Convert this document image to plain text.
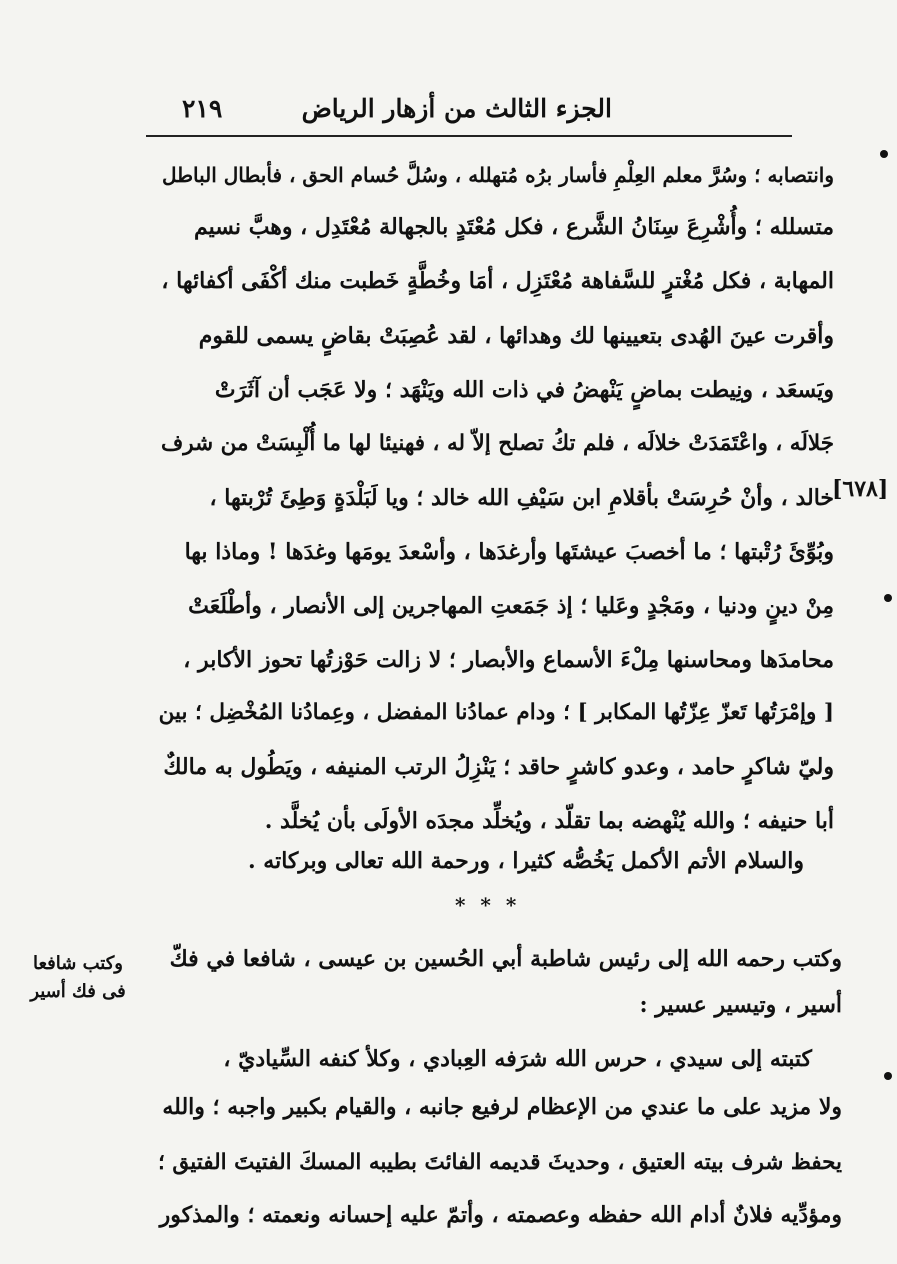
الجزء الثالث من أزهار الرياض
٢١٩
وانتصابه ؛ وسُرَّ معلم العِلْمِ فأسار برُه مُتهلله ، وسُلَّ حُسام الحق ، فأبطال الباطل
متسلله ؛ وأُشْرِعَ سِنَانُ الشَّرع ، فكل مُعْتَدٍ بالجهالة مُعْتَدِل ، وهبَّ نسيم
المهابة ، فكل مُغْترٍ للسَّفاهة مُعْتَزِل ، أمَا وخُطَّةٍ خَطبت منك أكْفَى أكفائها ،
وأقرت عينَ الهُدى بتعيينها لك وهدائها ، لقد عُصِبَتْ بقاضٍ يسمى للقوم
ويَسعَد ، ونِيطت بماضٍ يَنْهضُ في ذات الله ويَنْهَد ؛ ولا عَجَب أن آثَرَتْ
جَلالَه ، واعْتَمَدَتْ خلالَه ، فلم تكُ تصلح إلاّ له ، فهنيئا لها ما أُلْبِسَتْ من شرف
خالد ، وأنْ حُرِسَتْ بأقلامِ ابن سَيْفِ الله خالد ؛ ويا لَبَلْدَةٍ وَطِئَ تُرْبتها ،
وبُوِّئَ رُتْبتها ؛ ما أخصبَ عيشتَها وأرغدَها ، وأسْعدَ يومَها وغدَها ! وماذا بها
مِنْ دينٍ ودنيا ، ومَجْدٍ وعَليا ؛ إذ جَمَعتِ المهاجرين إلى الأنصار ، وأطْلَعَتْ
محامدَها ومحاسنها مِلْءَ الأسماع والأبصار ؛ لا زالت حَوْزتُها تحوز الأكابر ،
[ وإمْرَتُها تَعزّ عِزّتُها المكابر ] ؛ ودام عمادُنا المفضل ، وعِمادُنا المُخْضِل ؛ بين
وليّ شاكرٍ حامد ، وعدو كاشرٍ حاقد ؛ يَنْزِلُ الرتب المنيفه ، ويَطُول به مالكٌ
أبا حنيفه ؛ والله يُنْهضه بما تقلّد ، ويُخلِّد مجدَه الأولَى بأن يُخلَّد .
والسلام الأتم الأكمل يَخُصُّه كثيرا ، ورحمة الله تعالى وبركاته .
[٦٧٨]
* * *
وكتب شافعا
فى فك أسير
وكتب رحمه الله إلى رئيس شاطبة أبي الحُسين بن عيسى ، شافعا في فكّ
أسير ، وتيسير عسير :
كتبته إلى سيدي ، حرس الله شرَفه العِبادي ، وكلأ كنفه السِّياديّ ،
ولا مزيد على ما عندي من الإعظام لرفيع جانبه ، والقيام بكبير واجبه ؛ والله
يحفظ شرف بيته العتيق ، وحديثَ قديمه الفائتَ بطيبه المسكَ الفتيتَ الفتيق ؛
ومؤدِّيه فلانٌ أدام الله حفظه وعصمته ، وأتمّ عليه إحسانه ونعمته ؛ والمذكور
